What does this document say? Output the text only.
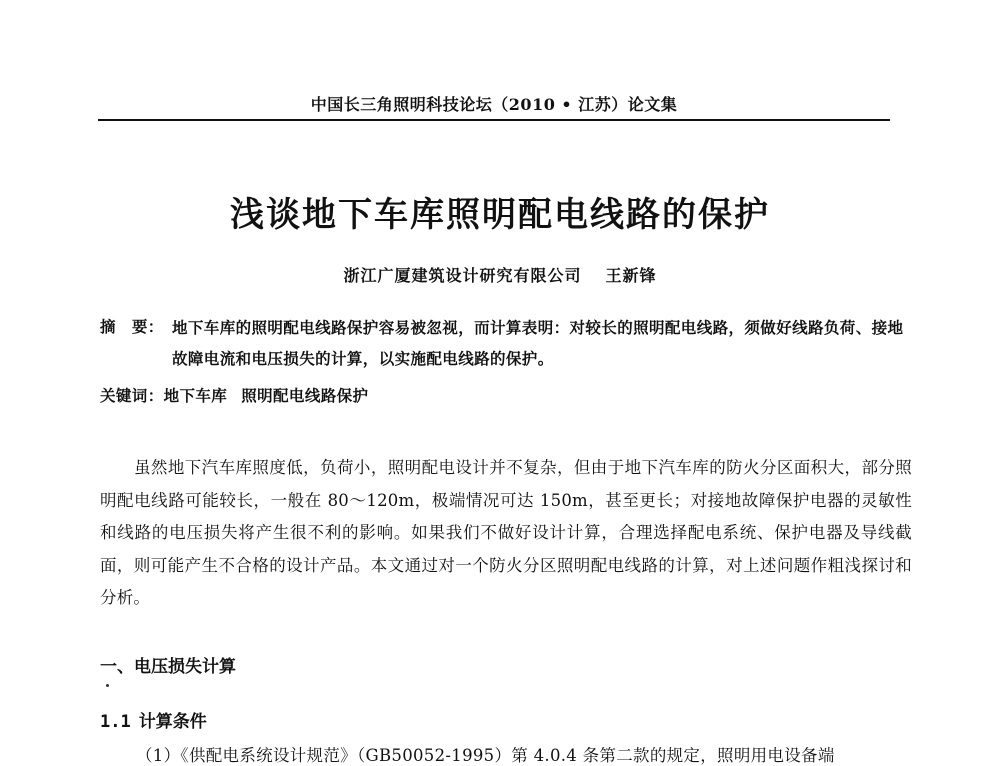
中国长三角照明科技论坛（2010 • 江苏）论文集
浅谈地下车库照明配电线路的保护
浙江广厦建筑设计研究有限公司 王新锋
摘 要： 地下车库的照明配电线路保护容易被忽视，而计算表明：对较长的照明配电线路，须做好线路负荷、接地故障电流和电压损失的计算，以实施配电线路的保护。
关键词：地下车库 照明配电线路保护
虽然地下汽车库照度低，负荷小，照明配电设计并不复杂，但由于地下汽车库的防火分区面积大，部分照明配电线路可能较长，一般在 80～120m，极端情况可达 150m，甚至更长；对接地故障保护电器的灵敏性和线路的电压损失将产生很不利的影响。如果我们不做好设计计算，合理选择配电系统、保护电器及导线截面，则可能产生不合格的设计产品。本文通过对一个防火分区照明配电线路的计算，对上述问题作粗浅探讨和分析。
一、电压损失计算
1.1 计算条件
（1）《供配电系统设计规范》（GB50052-1995）第 4.0.4 条第二款的规定，照明用电设备端
